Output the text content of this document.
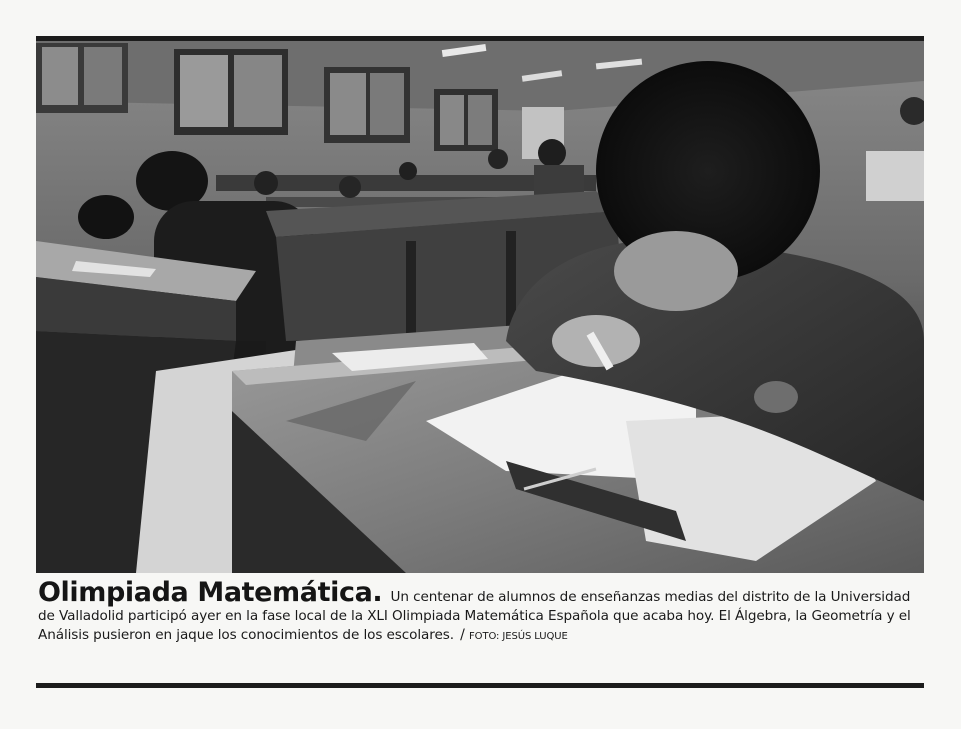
Olimpiada Matemática. Un centenar de alumnos de enseñanzas medias del distrito de la Universidad de Valladolid participó ayer en la fase local de la XLI Olimpiada Matemática Española que acaba hoy. El Álgebra, la Geometría y el Análisis pusieron en jaque los conocimientos de los escolares. / FOTO: JESÚS LUQUE
